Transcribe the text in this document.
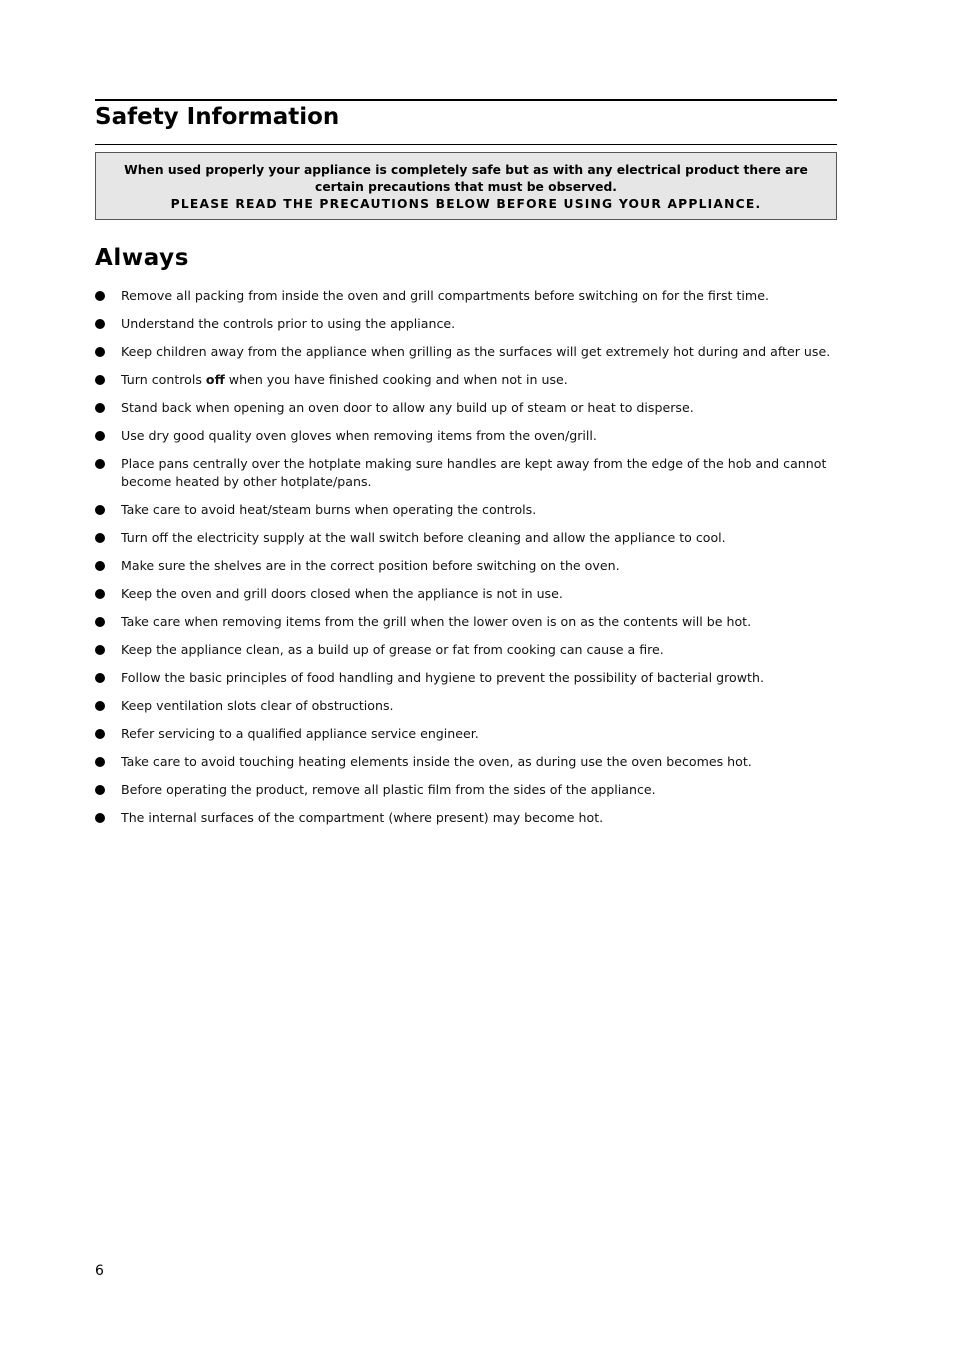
Safety Information
When used properly your appliance is completely safe but as with any electrical product there are certain precautions that must be observed.
PLEASE READ THE PRECAUTIONS BELOW BEFORE USING YOUR APPLIANCE.
Always
Remove all packing from inside the oven and grill compartments before switching on for the first time.
Understand the controls prior to using the appliance.
Keep children away from the appliance when grilling as the surfaces will get extremely hot during and after use.
Turn controls off when you have finished cooking and when not in use.
Stand back when opening an oven door to allow any build up of steam or heat to disperse.
Use dry good quality oven gloves when removing items from the oven/grill.
Place pans centrally over the hotplate making sure handles are kept away from the edge of the hob and cannot become heated by other hotplate/pans.
Take care to avoid heat/steam burns when operating the controls.
Turn off the electricity supply at the wall switch before cleaning and allow the appliance to cool.
Make sure the shelves are in the correct position before switching on the oven.
Keep the oven and grill doors closed when the appliance is not in use.
Take care when removing items from the grill when the lower oven is on as the contents will be hot.
Keep the appliance clean, as a build up of grease or fat from cooking can cause a fire.
Follow the basic principles of food handling and hygiene to prevent the possibility of bacterial growth.
Keep ventilation slots clear of obstructions.
Refer servicing to a qualified appliance service engineer.
Take care to avoid touching heating elements inside the oven, as during use the oven becomes hot.
Before operating the product, remove all plastic film from the sides of the appliance.
The internal surfaces of the compartment (where present) may become hot.
6
